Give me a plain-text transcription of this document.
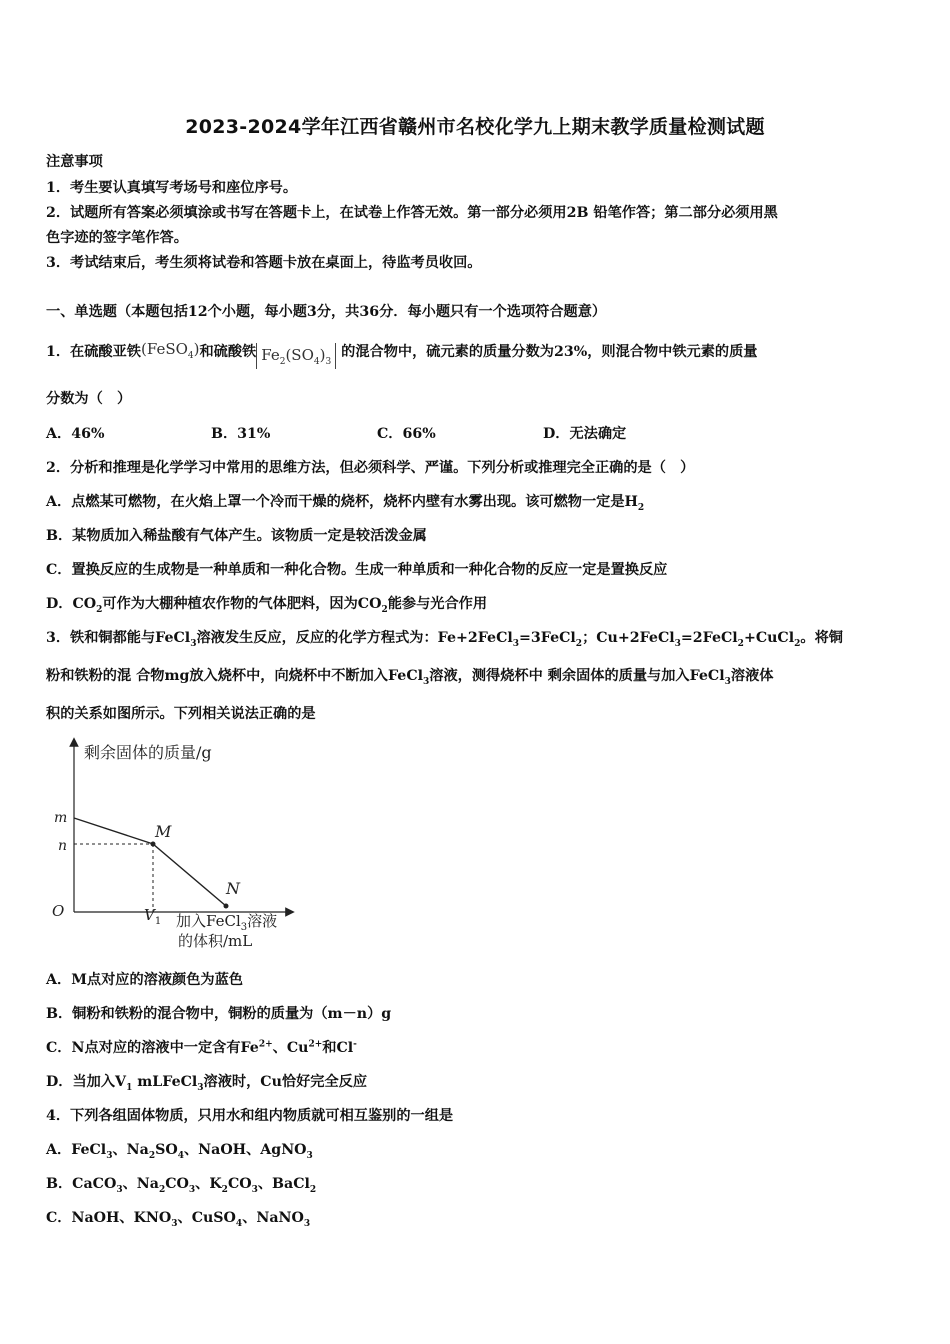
2023-2024学年江西省赣州市名校化学九上期末教学质量检测试题
注意事项
1．考生要认真填写考场号和座位序号。
2．试题所有答案必须填涂或书写在答题卡上，在试卷上作答无效。第一部分必须用2B 铅笔作答；第二部分必须用黑
色字迹的签字笔作答。
3．考试结束后，考生须将试卷和答题卡放在桌面上，待监考员收回。
一、单选题（本题包括12个小题，每小题3分，共36分．每小题只有一个选项符合题意）
1．在硫酸亚铁(FeSO$_4$)和硫酸铁 $Fe_2(SO_4)_3$ 的混合物中，硫元素的质量分数为23%，则混合物中铁元素的质量
分数为（　）
A．46%	B．31%	C．66%	D．无法确定
2．分析和推理是化学学习中常用的思维方法，但必须科学、严谨。下列分析或推理完全正确的是（　）
A．点燃某可燃物，在火焰上罩一个冷而干燥的烧杯，烧杯内壁有水雾出现。该可燃物一定是$H_2$
B．某物质加入稀盐酸有气体产生。该物质一定是较活泼金属
C．置换反应的生成物是一种单质和一种化合物。生成一种单质和一种化合物的反应一定是置换反应
D．$CO_2$可作为大棚种植农作物的气体肥料，因为$CO_2$能参与光合作用
3．铁和铜都能与FeCl$_3$溶液发生反应，反应的化学方程式为：Fe+2FeCl$_3$=3FeCl$_2$；Cu+2FeCl$_3$=2FeCl$_2$+CuCl$_2$。将铜
粉和铁粉的混 合物mg放入烧杯中，向烧杯中不断加入FeCl$_3$溶液，测得烧杯中 剩余固体的质量与加入FeCl$_3$溶液体
积的关系如图所示。下列相关说法正确的是
剩余固体的质量/g
O
m
n
$V_1$ 加入FeCl$_3$溶液
的体积/mL
M
N
A．M点对应的溶液颜色为蓝色
B．铜粉和铁粉的混合物中，铜粉的质量为（m－n）g
C．N点对应的溶液中一定含有$Fe^{2+}$、$Cu^{2+}$和Cl-
D．当加入$V_1$ mLFeCl$_3$溶液时，Cu恰好完全反应
4．下列各组固体物质，只用水和组内物质就可相互鉴别的一组是
A．FeCl$_3$、$Na_2SO_4$、NaOH、AgNO$_3$
B．CaCO$_3$、$Na_2CO_3$、$K_2CO_3$、BaCl$_2$
C．NaOH、$KNO_3$、CuSO$_4$、NaNO$_3$
